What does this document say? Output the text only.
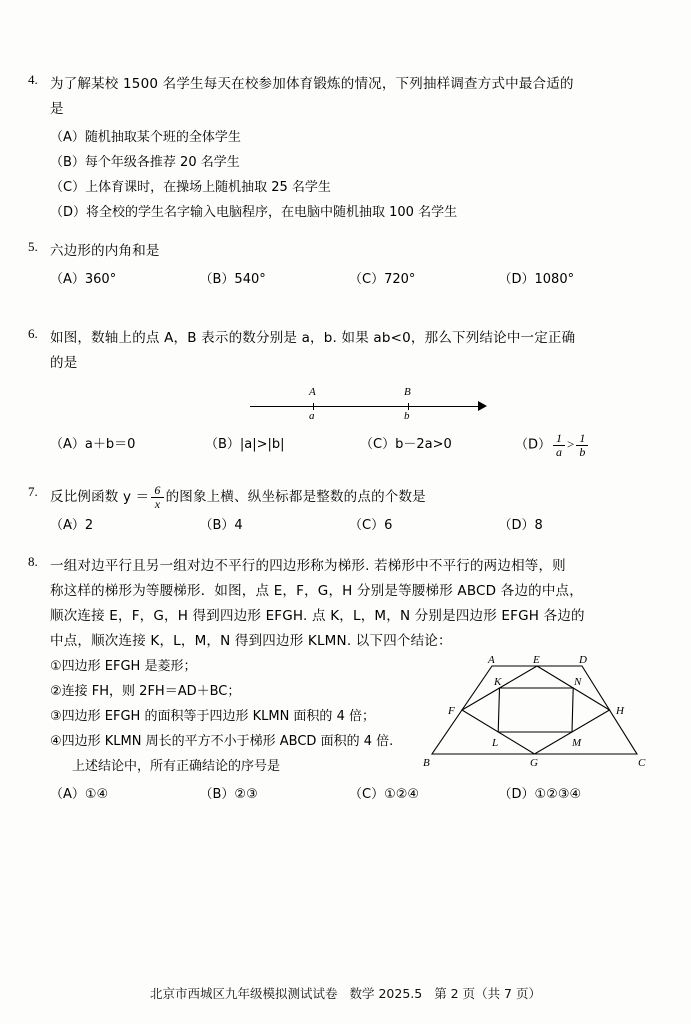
4. 为了解某校 1500 名学生每天在校参加体育锻炼的情况，下列抽样调查方式中最合适的
是
（A）随机抽取某个班的全体学生
（B）每个年级各推荐 20 名学生
（C）上体育课时，在操场上随机抽取 25 名学生
（D）将全校的学生名字输入电脑程序，在电脑中随机抽取 100 名学生
5. 六边形的内角和是
（A）360°	（B）540°	（C）720°	（D）1080°
6. 如图，数轴上的点 A，B 表示的数分别是 a，b. 如果 ab<0，那么下列结论中一定正确
的是
A
a
B
b
（A）a＋b＝0	（B）|a|>|b|	（C）b－2a>0	$(D) \frac{1}{a} > \frac{1}{b}$
7. 反比例函数 $y = \frac{6}{x}$ 的图象上横、纵坐标都是整数的点的个数是
（A）2	（B）4	（C）6	（D）8
8. 一组对边平行且另一组对边不平行的四边形称为梯形. 若梯形中不平行的两边相等，则
称这样的梯形为等腰梯形．如图，点 E，F，G，H 分别是等腰梯形 ABCD 各边的中点，
顺次连接 E，F，G，H 得到四边形 EFGH. 点 K，L，M，N 分别是四边形 EFGH 各边的
中点，顺次连接 K，L，M，N 得到四边形 KLMN. 以下四个结论：
①四边形 EFGH 是菱形；
②连接 FH，则 2FH＝AD＋BC；
③四边形 EFGH 的面积等于四边形 KLMN 面积的 4 倍；
④四边形 KLMN 周长的平方不小于梯形 ABCD 面积的 4 倍.
A	E	D
K	N
F	H
L	M
B	G	C
上述结论中，所有正确结论的序号是
（A）①④	（B）②③	（C）①②④	（D）①②③④
北京市西城区九年级模拟测试试卷 数学 2025.5 第 2 页（共 7 页）
